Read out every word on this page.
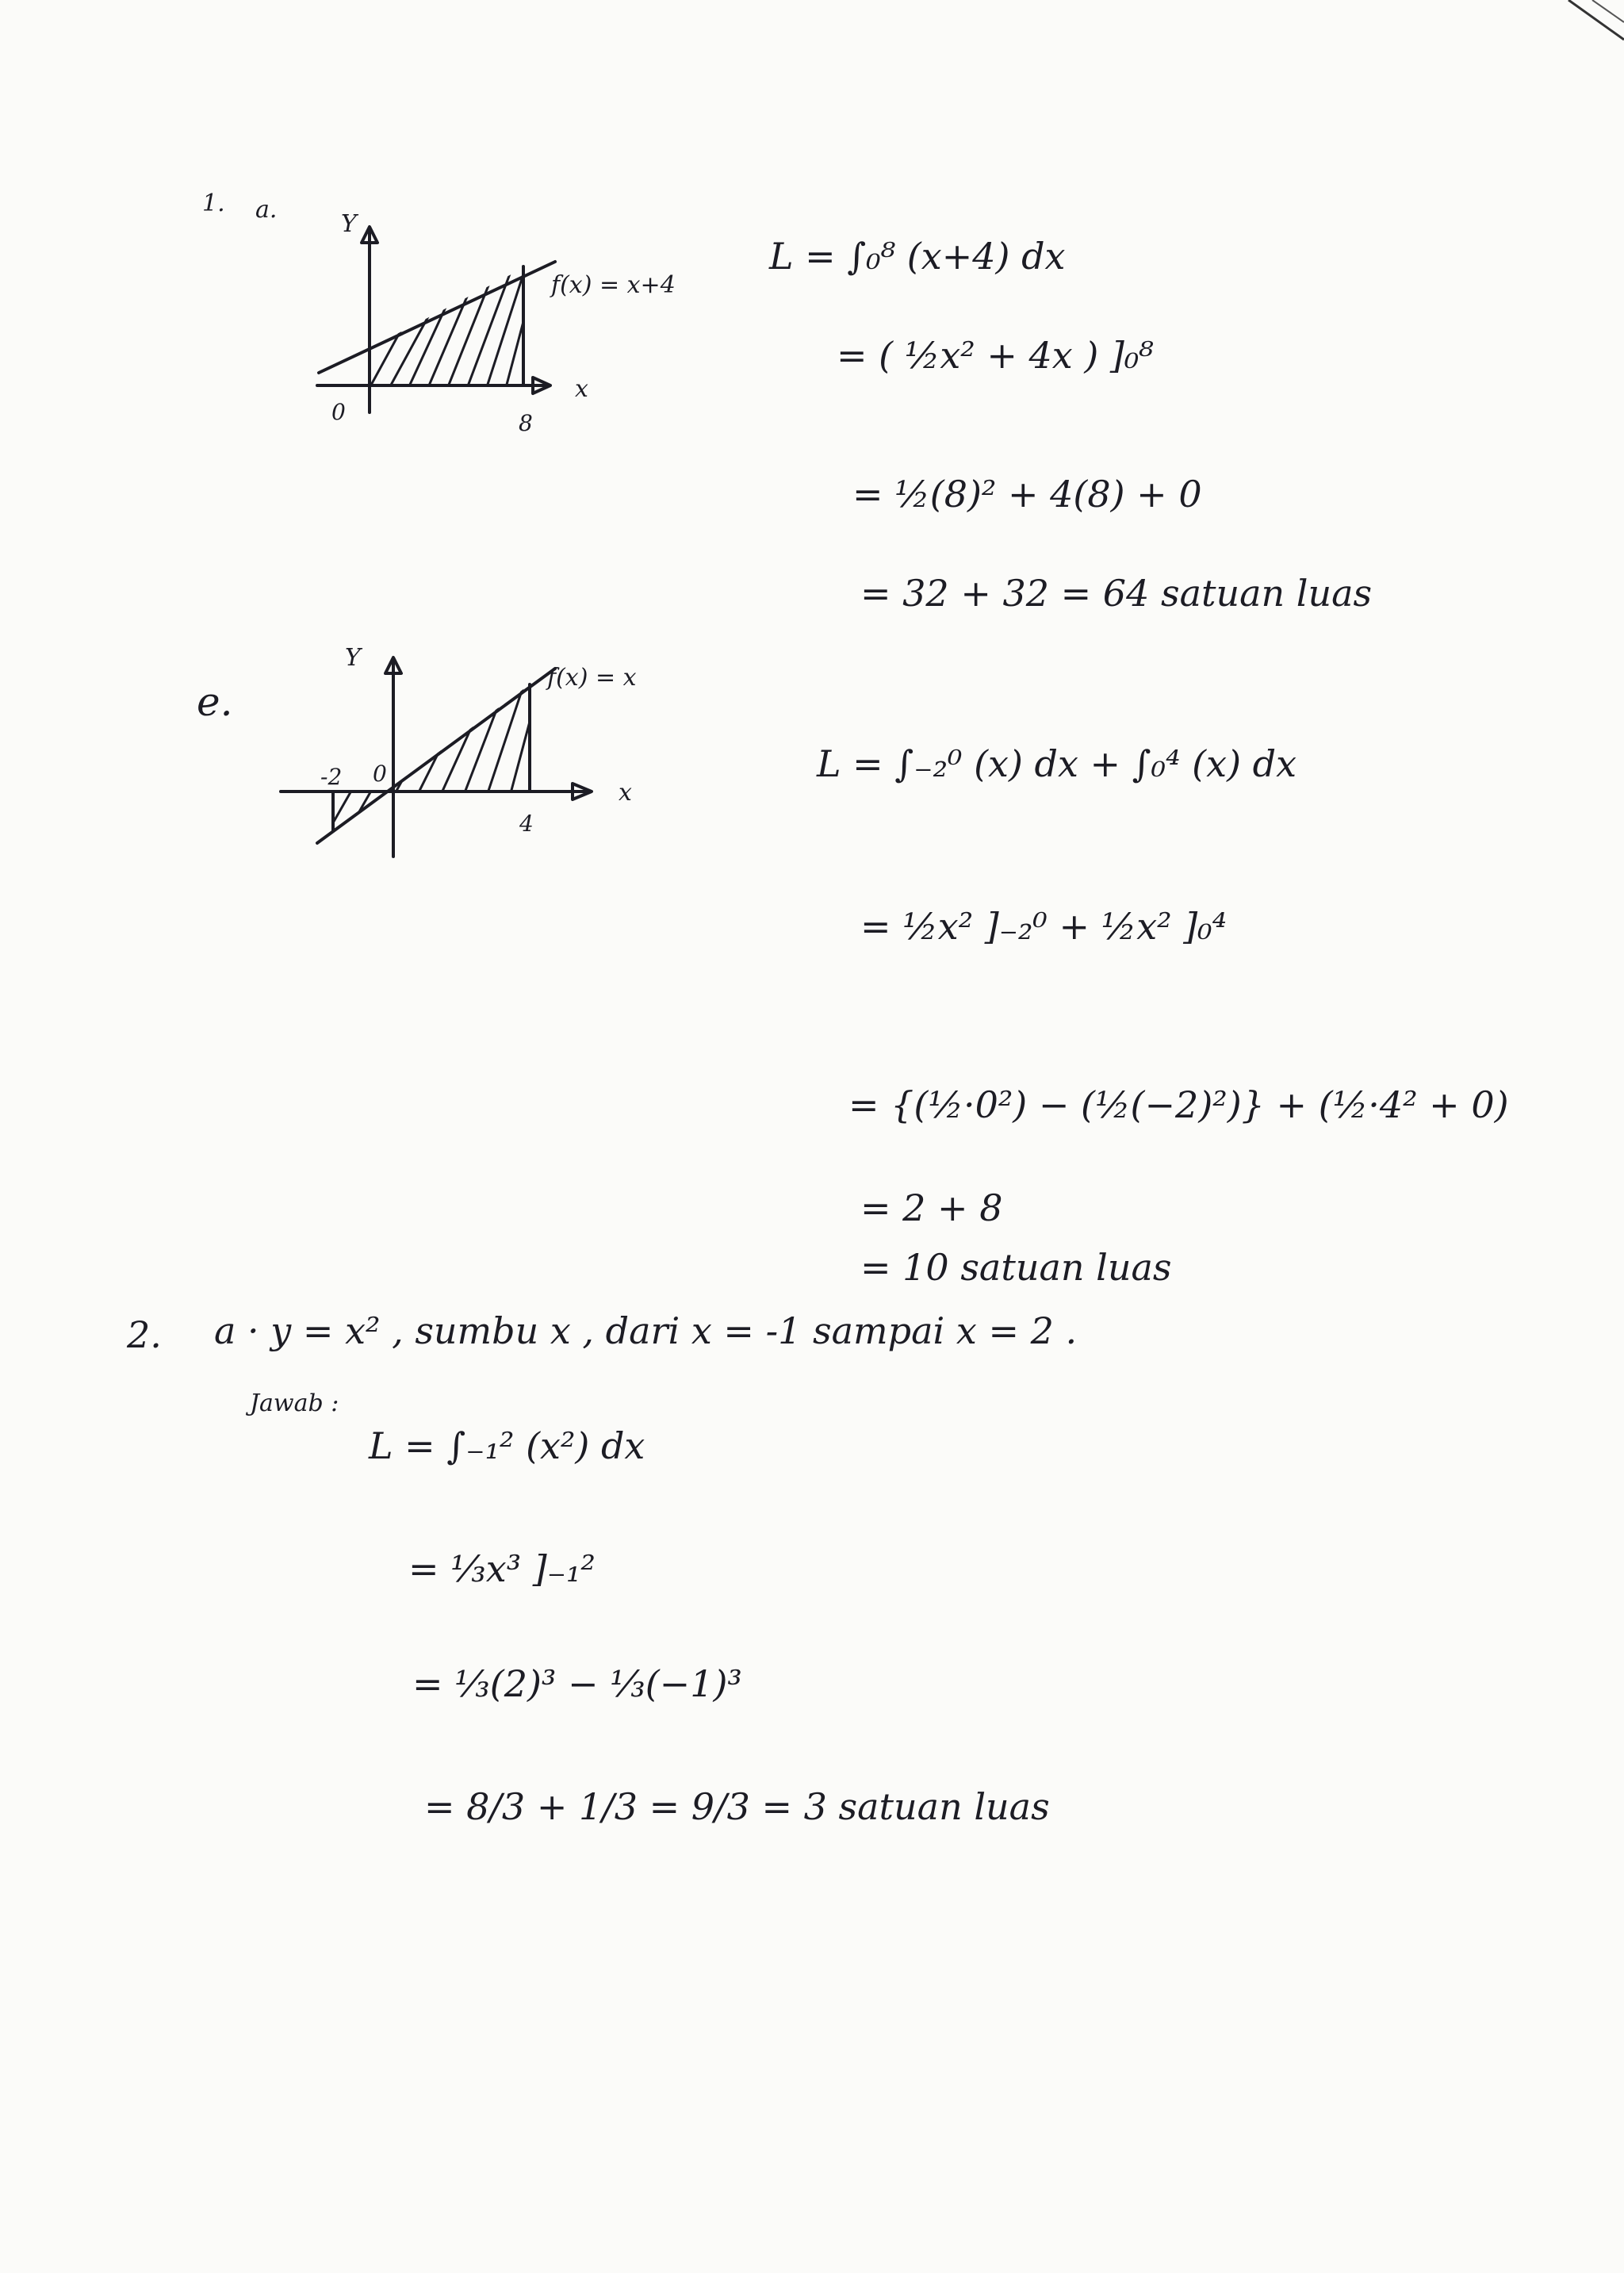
1. a.
Y
x
0	8
f(x) = x+4
L = ∫₀⁸ (x+4) dx
= ( ½x² + 4x ) ]₀⁸
= ½(8)² + 4(8) + 0
= 32 + 32 = 64 satuan luas
e.
Y
x
0
-2
4
f(x) = x
L = ∫₋₂⁰ (x) dx + ∫₀⁴ (x) dx
= ½x² ]₋₂⁰ + ½x² ]₀⁴
= {(½·0²) − (½(−2)²)} + (½·4² + 0)
= 2 + 8
= 10 satuan luas
2. a · y = x² , sumbu x , dari x = -1 sampai x = 2 .
Jawab :
L = ∫₋₁² (x²) dx
= ⅓x³ ]₋₁²
= ⅓(2)³ − ⅓(−1)³
= 8/3 + 1/3 = 9/3 = 3 satuan luas
